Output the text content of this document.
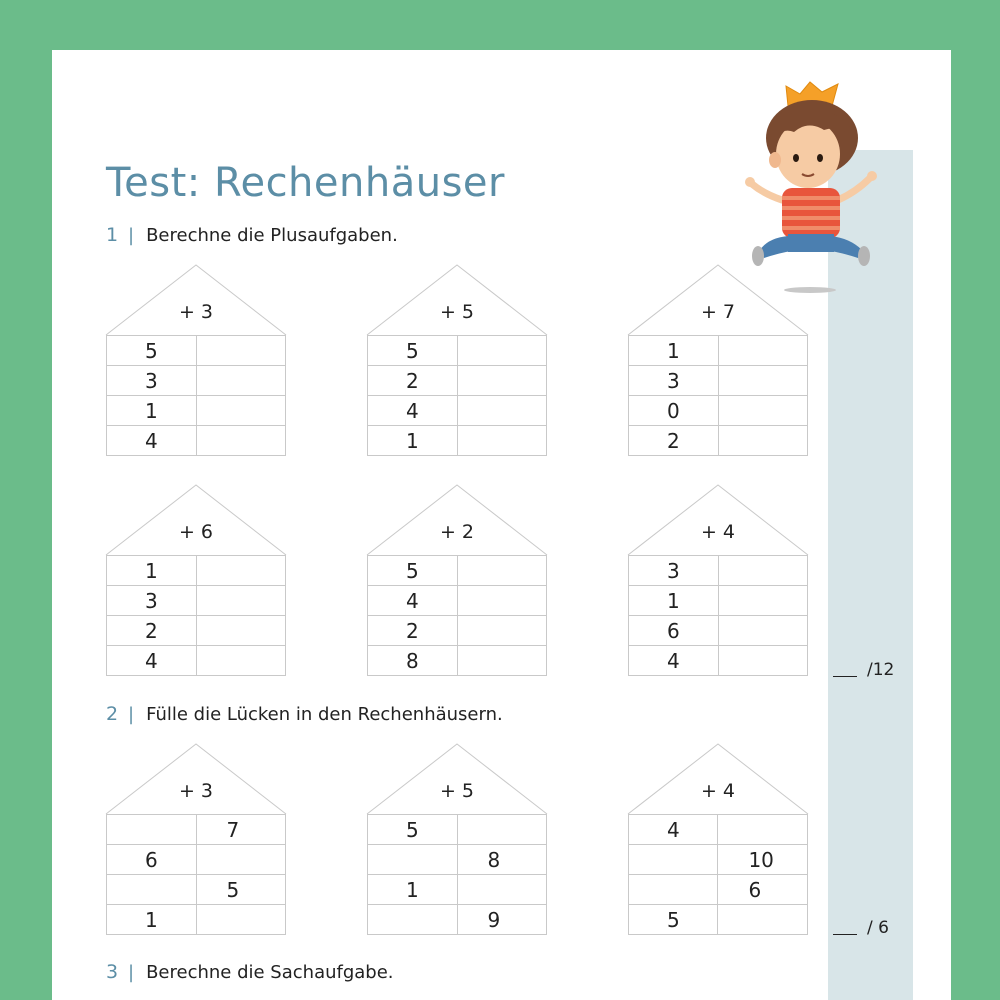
Test: Rechenhäuser
1 | Berechne die Plusaufgaben.
2 | Fülle die Lücken in den Rechenhäusern.
3 | Berechne die Sachaufgabe.
+ 3
5	
3	
1	
4	
+ 5
5	
2	
4	
1	
+ 7
1	
3	
0	
2	
+ 6
1	
3	
2	
4	
+ 2
5	
4	
2	
8	
+ 4
3	
1	
6	
4	
+ 3
	7
6	
	5
1	
+ 5
5	
	8
1	
	9
+ 4
4	
	10
	6
5	
/12
/ 6
